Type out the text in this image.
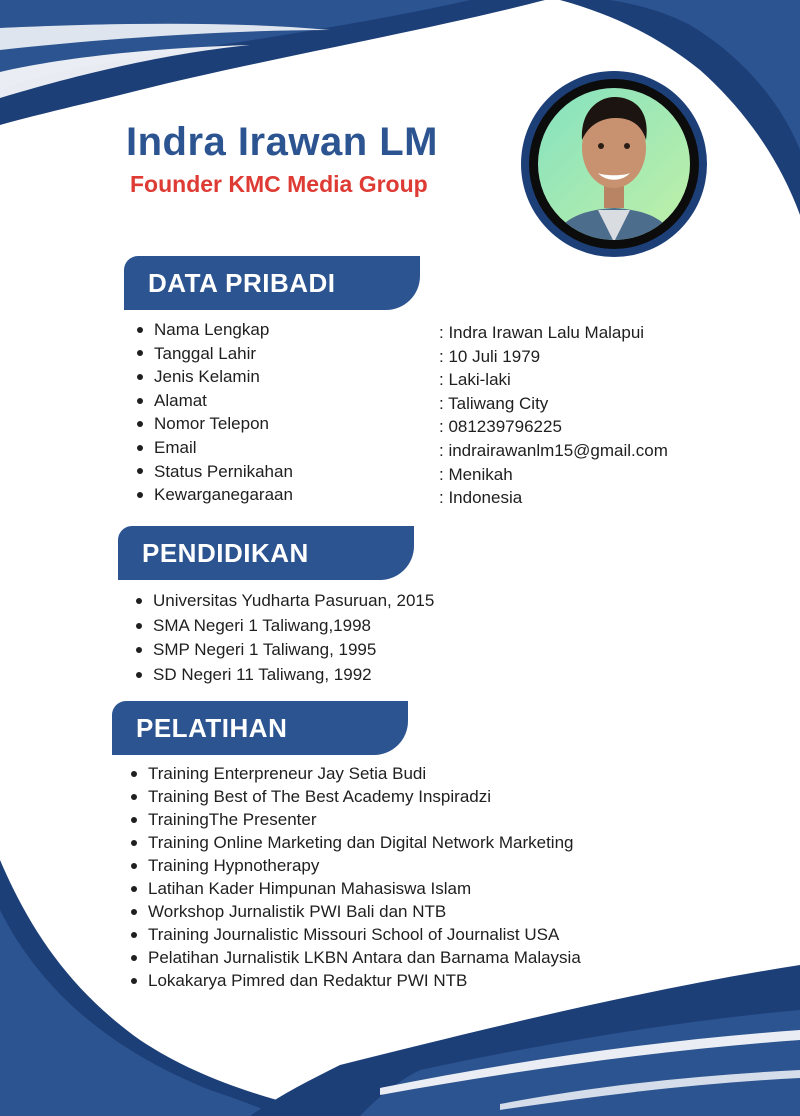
Indra Irawan LM
Founder KMC Media Group
DATA PRIBADI
Nama Lengkap
Tanggal Lahir
Jenis Kelamin
Alamat
Nomor Telepon
Email
Status Pernikahan
Kewarganegaraan
: Indra Irawan Lalu Malapui
: 10 Juli 1979
: Laki-laki
: Taliwang City
: 081239796225
: indrairawanlm15@gmail.com
: Menikah
: Indonesia
PENDIDIKAN
Universitas Yudharta Pasuruan, 2015
SMA Negeri 1 Taliwang,1998
SMP Negeri 1 Taliwang, 1995
SD Negeri 11 Taliwang, 1992
PELATIHAN
Training Enterpreneur Jay Setia Budi
Training Best of The Best Academy Inspiradzi
TrainingThe Presenter
Training Online Marketing dan Digital Network Marketing
Training Hypnotherapy
Latihan Kader Himpunan Mahasiswa Islam
Workshop Jurnalistik PWI Bali dan NTB
Training Journalistic Missouri School of Journalist USA
Pelatihan Jurnalistik LKBN Antara dan Barnama Malaysia
Lokakarya Pimred dan Redaktur PWI NTB
